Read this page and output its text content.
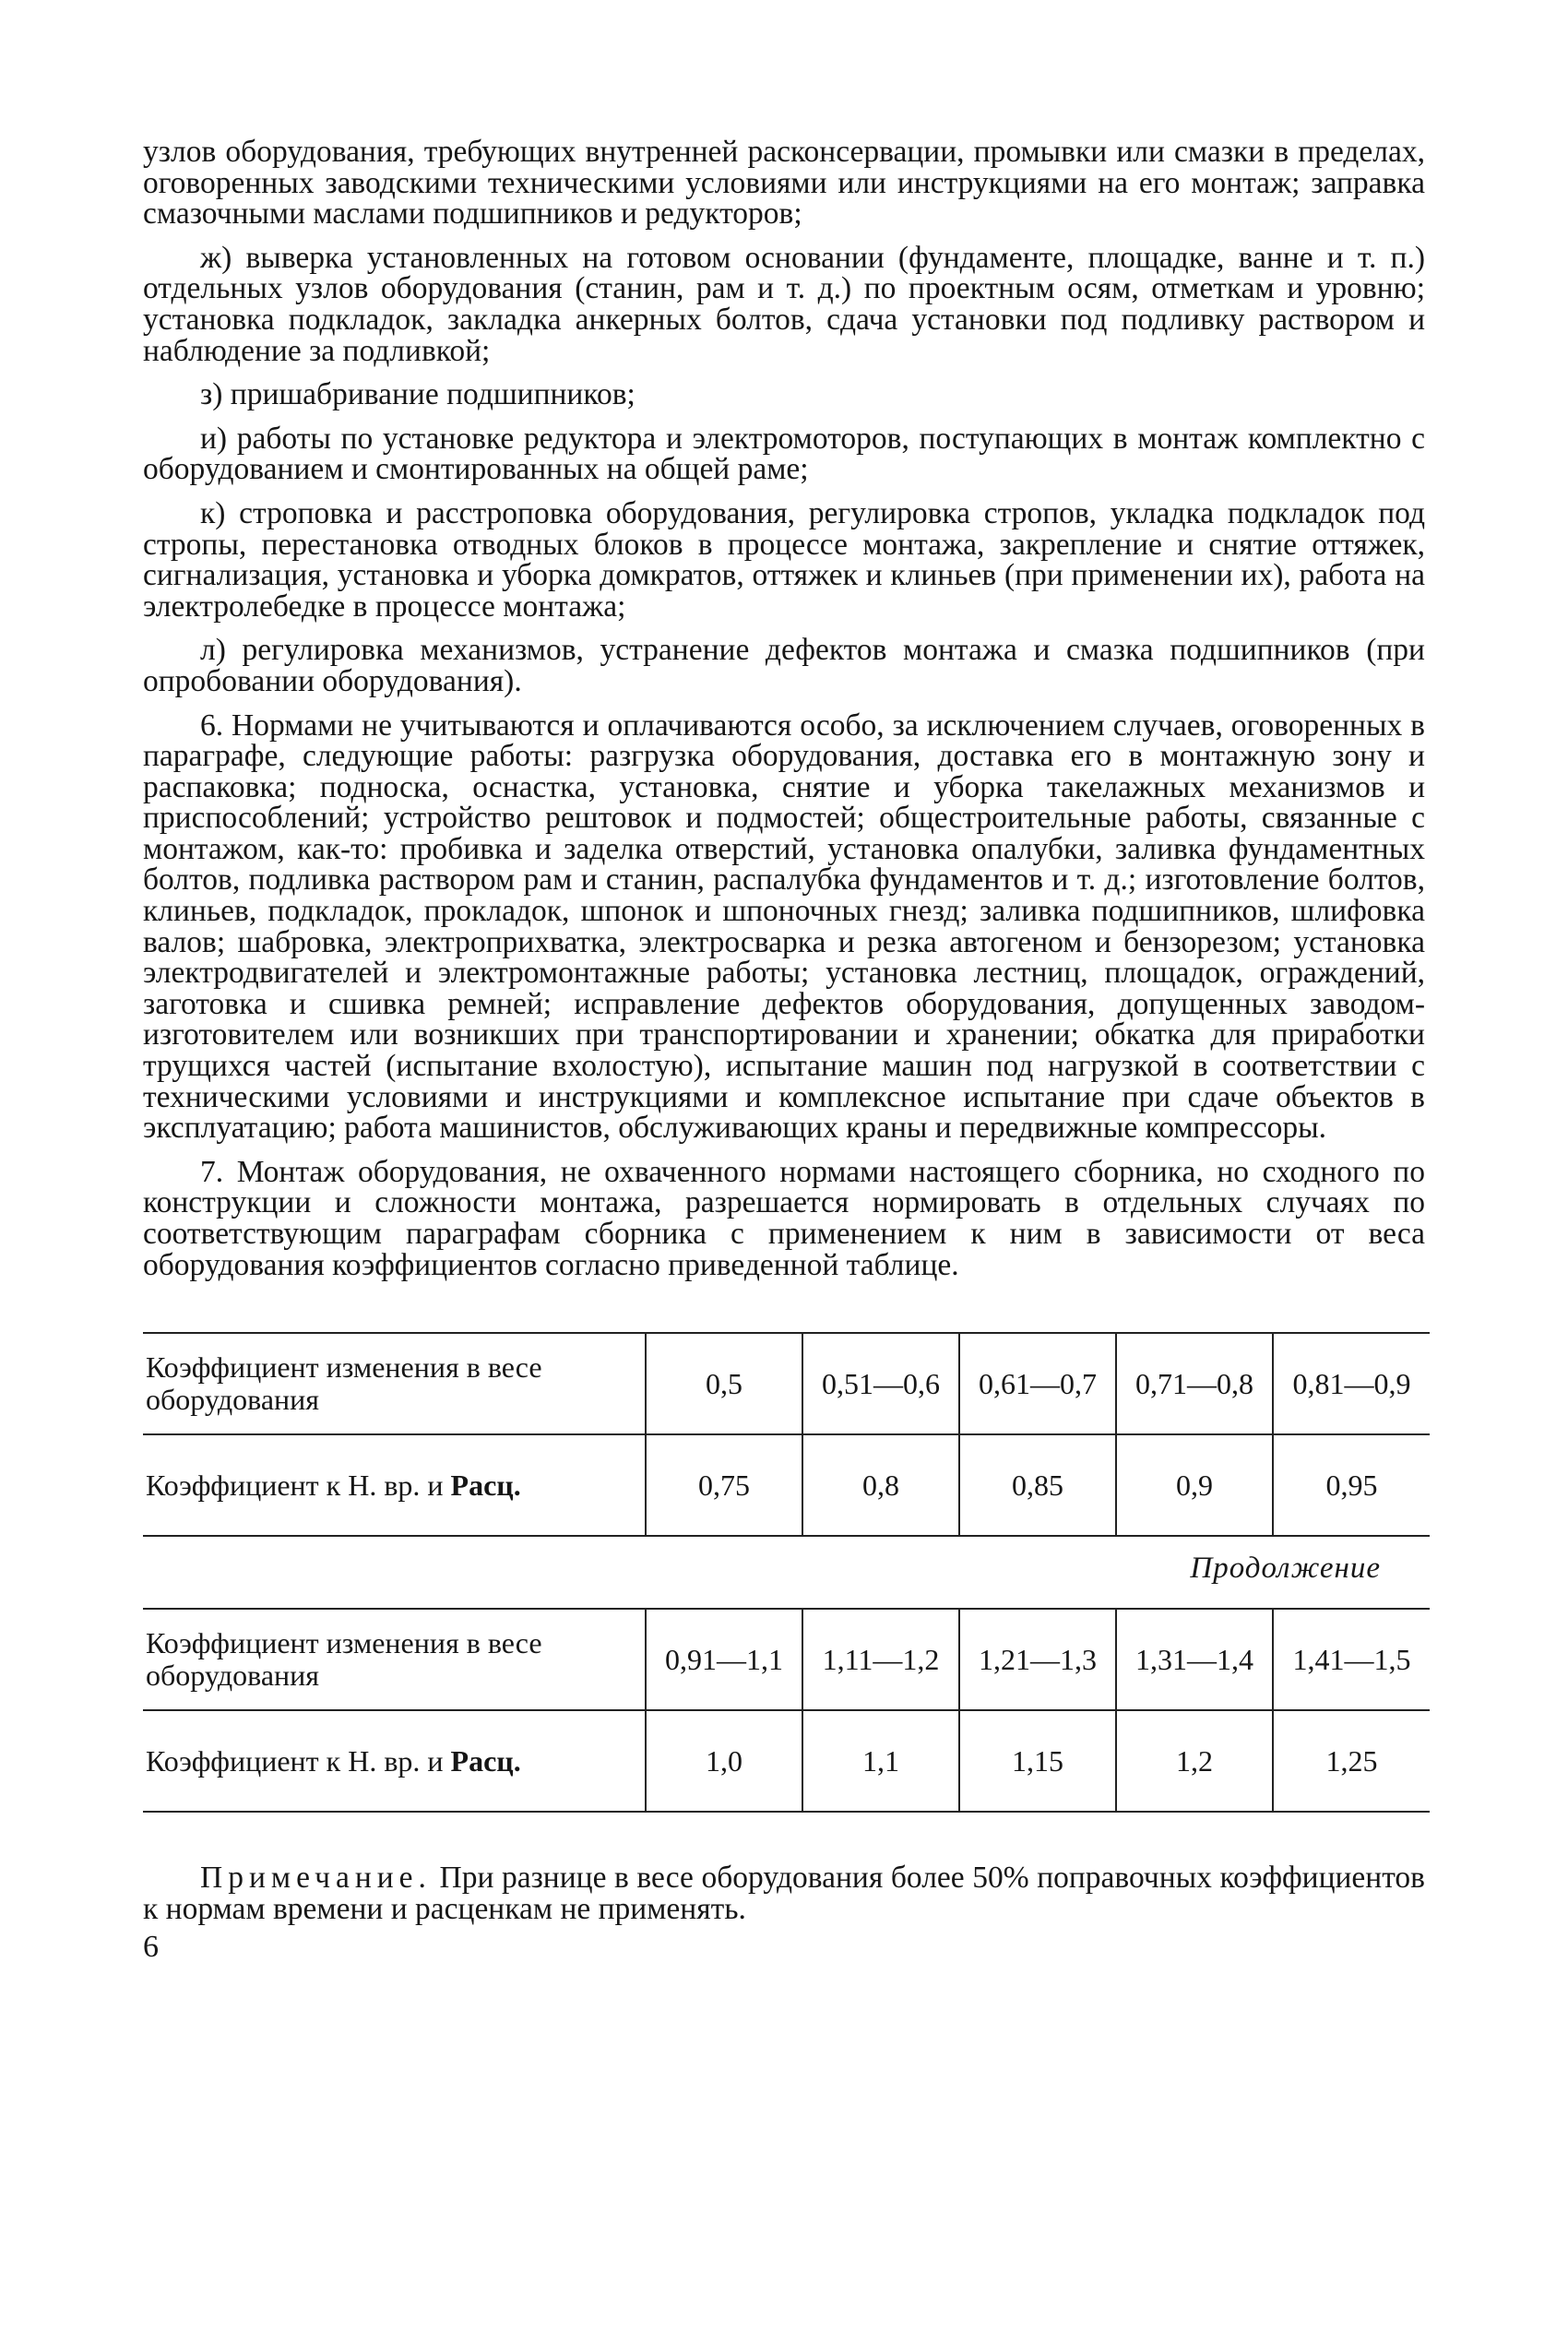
узлов оборудования, требующих внутренней расконсервации, промывки или смазки в пределах, оговоренных заводскими техническими условиями или инструкциями на его монтаж; заправка смазочными маслами подшипников и редукторов;

ж) выверка установленных на готовом основании (фундаменте, площадке, ванне и т. п.) отдельных узлов оборудования (станин, рам и т. д.) по проектным осям, отметкам и уровню; установка подкладок, закладка анкерных болтов, сдача установки под подливку раствором и наблюдение за подливкой;

з) пришабривание подшипников;

и) работы по установке редуктора и электромоторов, поступающих в монтаж комплектно с оборудованием и смонтированных на общей раме;

к) строповка и расстроповка оборудования, регулировка стропов, укладка подкладок под стропы, перестановка отводных блоков в процессе монтажа, закрепление и снятие оттяжек, сигнализация, установка и уборка домкратов, оттяжек и клиньев (при применении их), работа на электролебедке в процессе монтажа;

л) регулировка механизмов, устранение дефектов монтажа и смазка подшипников (при опробовании оборудования).

6. Нормами не учитываются и оплачиваются особо, за исключением случаев, оговоренных в параграфе, следующие работы: разгрузка оборудования, доставка его в монтажную зону и распаковка; подноска, оснастка, установка, снятие и уборка такелажных механизмов и приспособлений; устройство рештовок и подмостей; общестроительные работы, связанные с монтажом, как-то: пробивка и заделка отверстий, установка опалубки, заливка фундаментных болтов, подливка раствором рам и станин, распалубка фундаментов и т. д.; изготовление болтов, клиньев, подкладок, прокладок, шпонок и шпоночных гнезд; заливка подшипников, шлифовка валов; шабровка, электроприхватка, электросварка и резка автогеном и бензорезом; установка электродвигателей и электромонтажные работы; установка лестниц, площадок, ограждений, заготовка и сшивка ремней; исправление дефектов оборудования, допущенных заводом-изготовителем или возникших при транспортировании и хранении; обкатка для приработки трущихся частей (испытание вхолостую), испытание машин под нагрузкой в соответствии с техническими условиями и инструкциями и комплексное испытание при сдаче объектов в эксплуатацию; работа машинистов, обслуживающих краны и передвижные компрессоры.

7. Монтаж оборудования, не охваченного нормами настоящего сборника, но сходного по конструкции и сложности монтажа, разрешается нормировать в отдельных случаях по соответствующим параграфам сборника с применением к ним в зависимости от веса оборудования коэффициентов согласно приведенной таблице.

Коэффициент изменения в весе оборудования	0,5	0,51—0,6	0,61—0,7	0,71—0,8	0,81—0,9
Коэффициент к Н. вр. и Расц.	0,75	0,8	0,85	0,9	0,95
Продолжение
Коэффициент изменения в весе оборудования	0,91—1,1	1,11—1,2	1,21—1,3	1,31—1,4	1,41—1,5
Коэффициент к Н. вр. и Расц.	1,0	1,1	1,15	1,2	1,25

Примечание. При разнице в весе оборудования более 50% поправочных коэффициентов к нормам времени и расценкам не применять.

6
